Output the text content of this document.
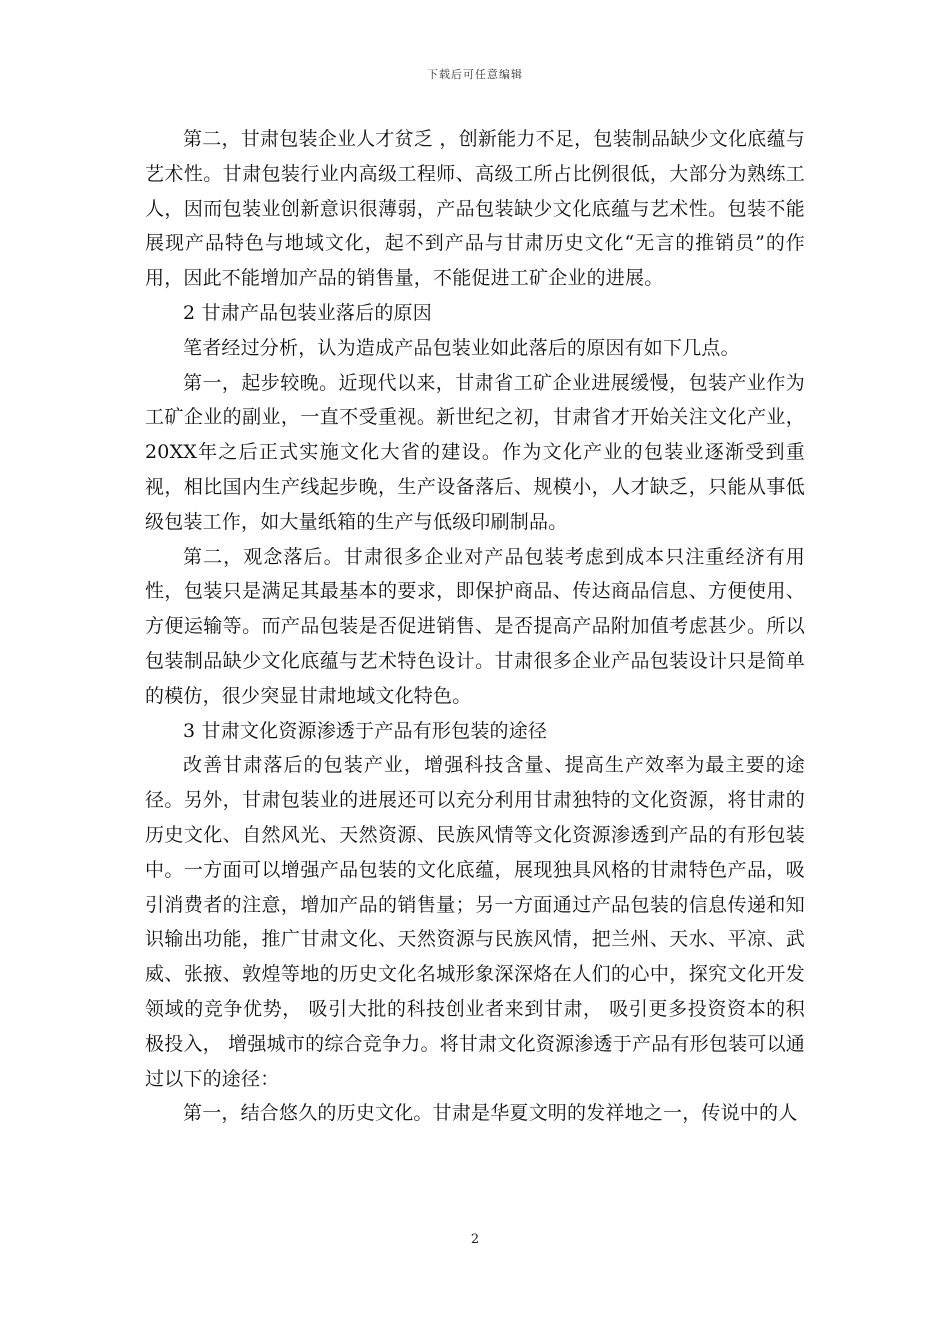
下载后可任意编辑

第二，甘肃包装企业人才贫乏 ，创新能力不足，包装制品缺少文化底蕴与艺术性。甘肃包装行业内高级工程师、高级工所占比例很低，大部分为熟练工人，因而包装业创新意识很薄弱，产品包装缺少文化底蕴与艺术性。包装不能展现产品特色与地域文化，起不到产品与甘肃历史文化“无言的推销员”的作用，因此不能增加产品的销售量，不能促进工矿企业的进展。

2 甘肃产品包装业落后的原因

笔者经过分析，认为造成产品包装业如此落后的原因有如下几点。

第一，起步较晚。近现代以来，甘肃省工矿企业进展缓慢，包装产业作为工矿企业的副业，一直不受重视。新世纪之初，甘肃省才开始关注文化产业，20XX年之后正式实施文化大省的建设。作为文化产业的包装业逐渐受到重视，相比国内生产线起步晚，生产设备落后、规模小，人才缺乏，只能从事低级包装工作，如大量纸箱的生产与低级印刷制品。

第二，观念落后。甘肃很多企业对产品包装考虑到成本只注重经济有用性，包装只是满足其最基本的要求，即保护商品、传达商品信息、方便使用、方便运输等。而产品包装是否促进销售、是否提高产品附加值考虑甚少。所以包装制品缺少文化底蕴与艺术特色设计。甘肃很多企业产品包装设计只是简单的模仿，很少突显甘肃地域文化特色。

3 甘肃文化资源渗透于产品有形包装的途径

改善甘肃落后的包装产业，增强科技含量、提高生产效率为最主要的途径。另外，甘肃包装业的进展还可以充分利用甘肃独特的文化资源，将甘肃的历史文化、自然风光、天然资源、民族风情等文化资源渗透到产品的有形包装中。一方面可以增强产品包装的文化底蕴，展现独具风格的甘肃特色产品，吸引消费者的注意，增加产品的销售量；另一方面通过产品包装的信息传递和知识输出功能，推广甘肃文化、天然资源与民族风情，把兰州、天水、平凉、武威、张掖、敦煌等地的历史文化名城形象深深烙在人们的心中，探究文化开发领域的竞争优势， 吸引大批的科技创业者来到甘肃， 吸引更多投资资本的积极投入， 增强城市的综合竞争力。将甘肃文化资源渗透于产品有形包装可以通过以下的途径：

第一，结合悠久的历史文化。甘肃是华夏文明的发祥地之一，传说中的人

2
